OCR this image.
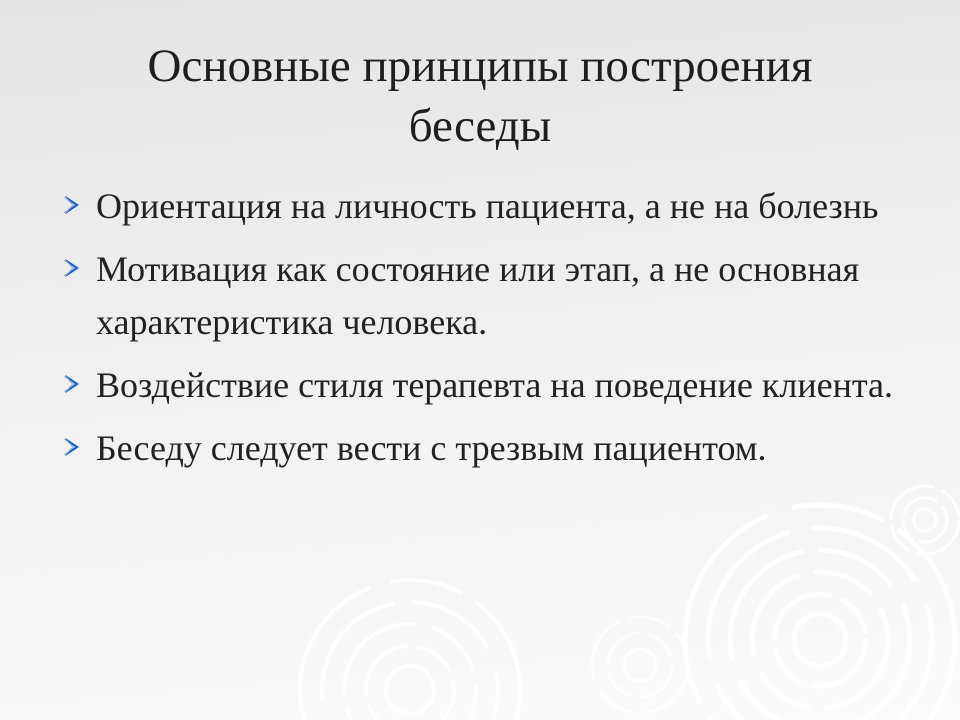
Основные принципы построения
беседы
Ориентация на личность пациента, а не на болезнь
Мотивация как состояние или этап, а не основная характеристика человека.
Воздействие стиля терапевта на поведение клиента.
Беседу следует вести с трезвым пациентом.
